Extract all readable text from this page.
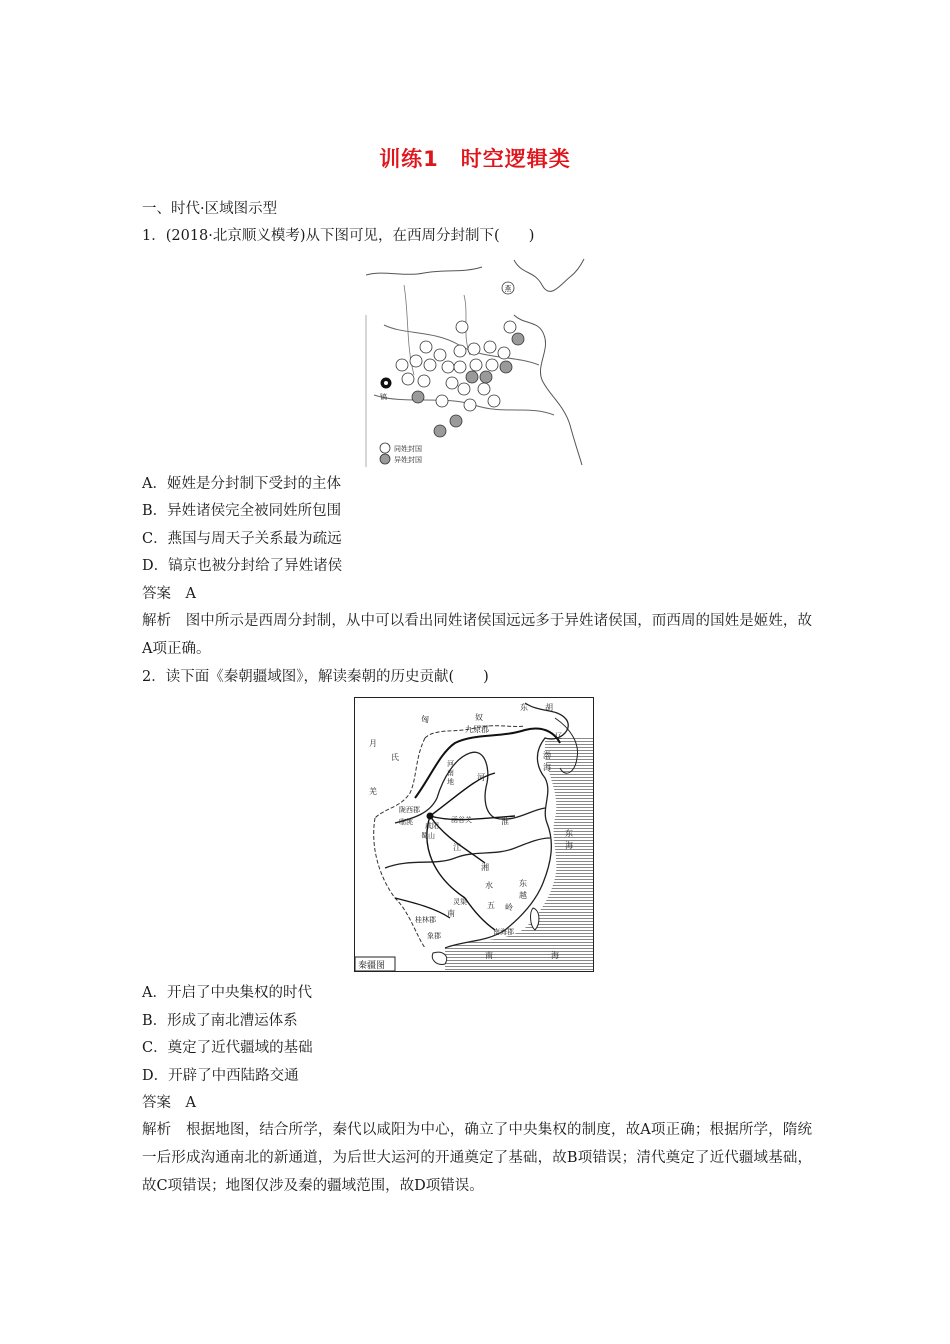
训练1　时空逻辑类
一、时代·区域图示型
1．(2018·北京顺义模考)从下图可见，在西周分封制下(　　)
燕
镐
同姓封国
异姓封国
A．姬姓是分封制下受封的主体
B．异姓诸侯完全被同姓所包围
C．燕国与周天子关系最为疏远
D．镐京也被分封给了异姓诸侯
答案　A
解析　图中所示是西周分封制，从中可以看出同姓诸侯国远远多于异姓诸侯国，而西周的国姓是姬姓，故A项正确。
2．读下面《秦朝疆域图》，解读秦朝的历史贡献(　　)
匈	奴
东 胡
九原郡
月
氏
羌
河
南
地	河
陇西郡
咸阳
临洮	函谷关
蜀山
江
淮
湘
水
渤
海
东
海
南	海
东
越
灵渠
桂林郡
南
五 岭
象郡	南海郡
辽
秦疆图
A．开启了中央集权的时代
B．形成了南北漕运体系
C．奠定了近代疆域的基础
D．开辟了中西陆路交通
答案　A
解析　根据地图，结合所学，秦代以咸阳为中心，确立了中央集权的制度，故A项正确；根据所学，隋统一后形成沟通南北的新通道，为后世大运河的开通奠定了基础，故B项错误；清代奠定了近代疆域基础，故C项错误；地图仅涉及秦的疆域范围，故D项错误。
